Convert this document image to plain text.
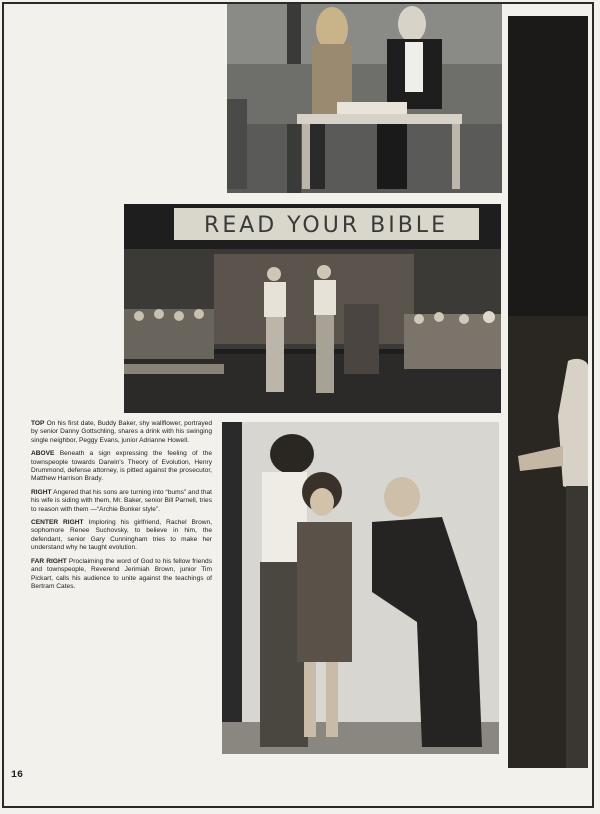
READ YOUR BIBLE

TOP On his first date, Buddy Baker, shy wallflower, portrayed by senior Danny Gottschling, shares a drink with his swinging single neighbor, Peggy Evans, junior Adrianne Howell.

ABOVE Beneath a sign expressing the feeling of the townspeople towards Darwin's Theory of Evolution, Henry Drummond, defense attorney, is pitted against the prosecutor, Matthew Harrison Brady.

RIGHT Angered that his sons are turning into “bums” and that his wife is siding with them, Mr. Baker, senior Bill Parnell, tries to reason with them —“Archie Bunker style”.

CENTER RIGHT Imploring his girlfriend, Rachel Brown, sophomore Renee Suchovsky, to believe in him, the defendant, senior Gary Cunningham tries to make her understand why he taught evolution.

FAR RIGHT Proclaiming the word of God to his fellow friends and townspeople, Reverend Jerimiah Brown, junior Tim Pickart, calls his audience to unite against the teachings of Bertram Cates.

16
